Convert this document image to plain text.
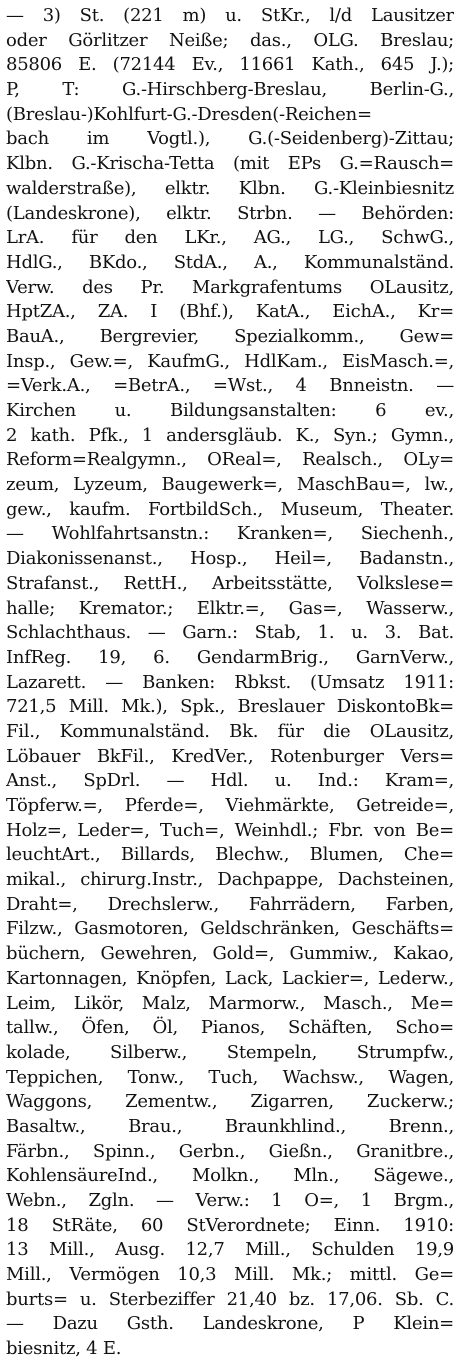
— 3) St. (221 m) u. StKr., l/d Lausitzer
oder Görlitzer Neiße; das., OLG. Breslau;
85806 E. (72144 Ev., 11661 Kath., 645 J.);
P, T: G.-Hirschberg-Breslau, Berlin-G.,
(Breslau-)Kohlfurt-G.-Dresden(-Reichen=
bach im Vogtl.), G.(-Seidenberg)-Zittau;
Klbn. G.-Krischa-Tetta (mit EPs G.=Rausch=
walderstraße), elktr. Klbn. G.-Kleinbiesnitz
(Landeskrone), elktr. Strbn. — Behörden:
LrA. für den LKr., AG., LG., SchwG.,
HdlG., BKdo., StdA., A., Kommunalständ.
Verw. des Pr. Markgrafentums OLausitz,
HptZA., ZA. I (Bhf.), KatA., EichA., Kr=
BauA., Bergrevier, Spezialkomm., Gew=
Insp., Gew.=, KaufmG., HdlKam., EisMasch.=,
=Verk.A., =BetrA., =Wst., 4 Bnneistn. —
Kirchen u. Bildungsanstalten: 6 ev.,
2 kath. Pfk., 1 andersgläub. K., Syn.; Gymn.,
Reform=Realgymn., OReal=, Realsch., OLy=
zeum, Lyzeum, Baugewerk=, MaschBau=, lw.,
gew., kaufm. FortbildSch., Museum, Theater.
— Wohlfahrtsanstn.: Kranken=, Siechenh.,
Diakonissenanst., Hosp., Heil=, Badanstn.,
Strafanst., RettH., Arbeitsstätte, Volkslese=
halle; Kremator.; Elktr.=, Gas=, Wasserw.,
Schlachthaus. — Garn.: Stab, 1. u. 3. Bat.
InfReg. 19, 6. GendarmBrig., GarnVerw.,
Lazarett. — Banken: Rbkst. (Umsatz 1911:
721,5 Mill. Mk.), Spk., Breslauer DiskontoBk=
Fil., Kommunalständ. Bk. für die OLausitz,
Löbauer BkFil., KredVer., Rotenburger Vers=
Anst., SpDrl. — Hdl. u. Ind.: Kram=,
Töpferw.=, Pferde=, Viehmärkte, Getreide=,
Holz=, Leder=, Tuch=, Weinhdl.; Fbr. von Be=
leuchtArt., Billards, Blechw., Blumen, Che=
mikal., chirurg.Instr., Dachpappe, Dachsteinen,
Draht=, Drechslerw., Fahrrädern, Farben,
Filzw., Gasmotoren, Geldschränken, Geschäfts=
büchern, Gewehren, Gold=, Gummiw., Kakao,
Kartonnagen, Knöpfen, Lack, Lackier=, Lederw.,
Leim, Likör, Malz, Marmorw., Masch., Me=
tallw., Öfen, Öl, Pianos, Schäften, Scho=
kolade, Silberw., Stempeln, Strumpfw.,
Teppichen, Tonw., Tuch, Wachsw., Wagen,
Waggons, Zementw., Zigarren, Zuckerw.;
Basaltw., Brau., Braunkhlind., Brenn.,
Färbn., Spinn., Gerbn., Gießn., Granitbre.,
KohlensäureInd., Molkn., Mln., Sägewe.,
Webn., Zgln. — Verw.: 1 O=, 1 Brgm.,
18 StRäte, 60 StVerordnete; Einn. 1910:
13 Mill., Ausg. 12,7 Mill., Schulden 19,9
Mill., Vermögen 10,3 Mill. Mk.; mittl. Ge=
burts= u. Sterbeziffer 21,40 bz. 17,06. Sb. C.
— Dazu Gsth. Landeskrone, P Klein=
biesnitz, 4 E.
